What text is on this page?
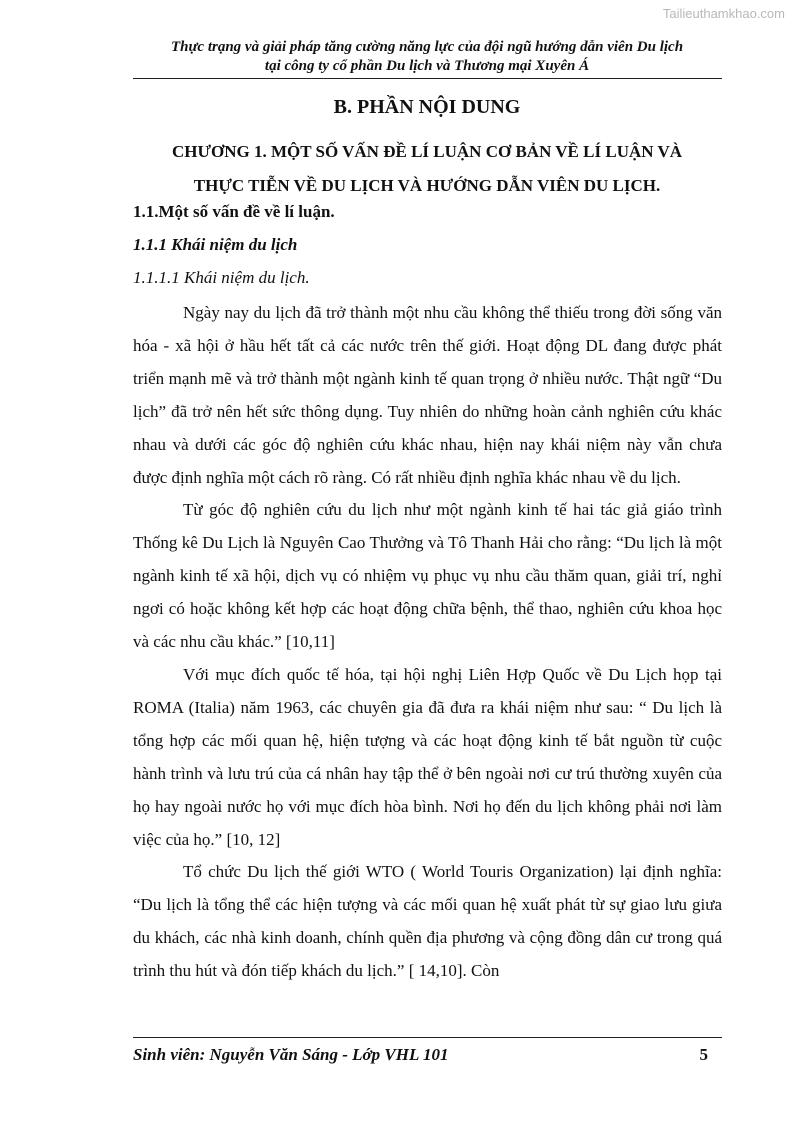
Tailieuthamkhao.com
Thực trạng và giải pháp tăng cường năng lực của đội ngũ hướng dẫn viên Du lịch
tại công ty cổ phần Du lịch và Thương mại Xuyên Á
B. PHẦN NỘI DUNG
CHƯƠNG 1. MỘT SỐ VẤN ĐỀ LÍ LUẬN CƠ BẢN VỀ LÍ LUẬN VÀ
THỰC TIỄN VỀ DU LỊCH VÀ HƯỚNG DẪN VIÊN DU LỊCH.
1.1.Một số vấn đề về lí luận.
1.1.1 Khái niệm du lịch
1.1.1.1 Khái niệm du lịch.

Ngày nay du lịch đã trở thành một nhu cầu không thể thiếu trong đời sống văn hóa - xã hội ở hầu hết tất cả các nước trên thế giới. Hoạt động DL đang được phát triển mạnh mẽ và trở thành một ngành kinh tế quan trọng ở nhiều nước. Thật ngữ “Du lịch” đã trở nên hết sức thông dụng. Tuy nhiên do những hoàn cảnh nghiên cứu khác nhau và dưới các góc độ nghiên cứu khác nhau, hiện nay khái niệm này vẫn chưa được định nghĩa một cách rõ ràng. Có rất nhiều định nghĩa khác nhau về du lịch.

Từ góc độ nghiên cứu du lịch như một ngành kinh tế hai tác giả giáo trình Thống kê Du Lịch là Nguyên Cao Thưởng và Tô Thanh Hải cho rằng: “Du lịch là một ngành kinh tế xã hội, dịch vụ có nhiệm vụ phục vụ nhu cầu thăm quan, giải trí, nghỉ ngơi có hoặc không kết hợp các hoạt động chữa bệnh, thể thao, nghiên cứu khoa học và các nhu cầu khác.” [10,11]

Với mục đích quốc tế hóa, tại hội nghị Liên Hợp Quốc về Du Lịch họp tại ROMA (Italia) năm 1963, các chuyên gia đã đưa ra khái niệm như sau: “ Du lịch là tổng hợp các mối quan hệ, hiện tượng và các hoạt động kinh tế bắt nguồn từ cuộc hành trình và lưu trú của cá nhân hay tập thể ở bên ngoài nơi cư trú thường xuyên của họ hay ngoài nước họ với mục đích hòa bình. Nơi họ đến du lịch không phải nơi làm việc của họ.” [10, 12]

Tổ chức Du lịch thế giới WTO ( World Touris Organization) lại định nghĩa: “Du lịch là tổng thể các hiện tượng và các mối quan hệ xuất phát từ sự giao lưu giưa du khách, các nhà kinh doanh, chính quền địa phương và cộng đồng dân cư trong quá trình thu hút và đón tiếp khách du lịch.” [ 14,10]. Còn

Sinh viên: Nguyễn Văn Sáng - Lớp VHL 101	5
